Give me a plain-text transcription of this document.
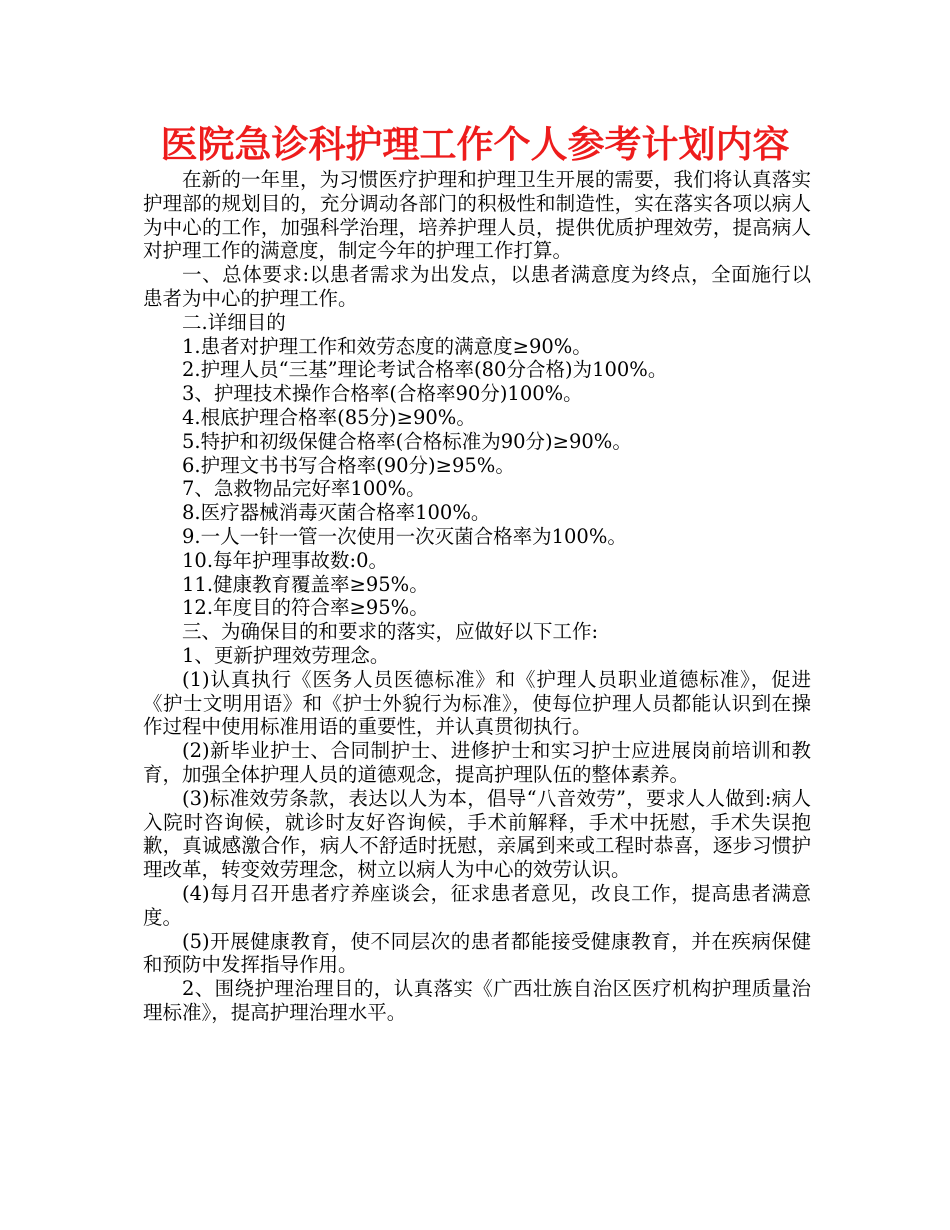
医院急诊科护理工作个人参考计划内容

在新的一年里，为习惯医疗护理和护理卫生开展的需要，我们将认真落实护理部的规划目的，充分调动各部门的积极性和制造性，实在落实各项以病人为中心的工作，加强科学治理，培养护理人员，提供优质护理效劳，提高病人对护理工作的满意度，制定今年的护理工作打算。

一、总体要求:以患者需求为出发点，以患者满意度为终点，全面施行以患者为中心的护理工作。

二.详细目的

1.患者对护理工作和效劳态度的满意度≥90%。

2.护理人员“三基”理论考试合格率(80分合格)为100%。

3、护理技术操作合格率(合格率90分)100%。

4.根底护理合格率(85分)≥90%。

5.特护和初级保健合格率(合格标准为90分)≥90%。

6.护理文书书写合格率(90分)≥95%。

7、急救物品完好率100%。

8.医疗器械消毒灭菌合格率100%。

9.一人一针一管一次使用一次灭菌合格率为100%。

10.每年护理事故数:0。

11.健康教育覆盖率≥95%。

12.年度目的符合率≥95%。

三、为确保目的和要求的落实，应做好以下工作:

1、更新护理效劳理念。

(1)认真执行《医务人员医德标准》和《护理人员职业道德标准》，促进《护士文明用语》和《护士外貌行为标准》，使每位护理人员都能认识到在操作过程中使用标准用语的重要性，并认真贯彻执行。

(2)新毕业护士、合同制护士、进修护士和实习护士应进展岗前培训和教育，加强全体护理人员的道德观念，提高护理队伍的整体素养。

(3)标准效劳条款，表达以人为本，倡导“八音效劳”，要求人人做到:病人入院时咨询候，就诊时友好咨询候，手术前解释，手术中抚慰，手术失误抱歉，真诚感激合作，病人不舒适时抚慰，亲属到来或工程时恭喜，逐步习惯护理改革，转变效劳理念，树立以病人为中心的效劳认识。

(4)每月召开患者疗养座谈会，征求患者意见，改良工作，提高患者满意度。

(5)开展健康教育，使不同层次的患者都能接受健康教育，并在疾病保健和预防中发挥指导作用。

2、围绕护理治理目的，认真落实《广西壮族自治区医疗机构护理质量治理标准》，提高护理治理水平。
